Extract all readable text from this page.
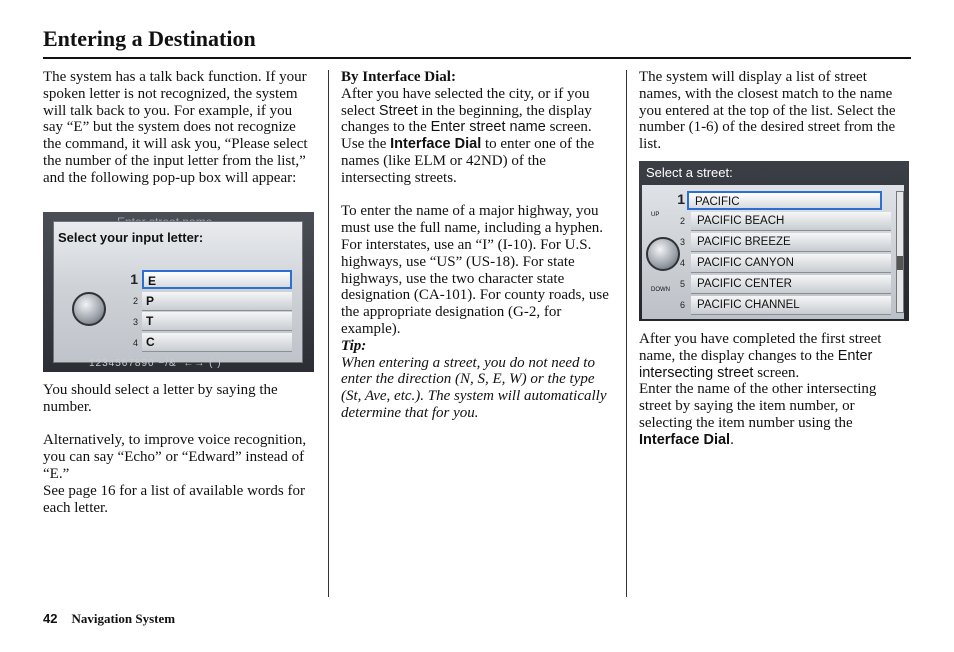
Entering a Destination

The system has a talk back function. If your spoken letter is not recognized, the system will talk back to you. For example, if you say “E” but the system does not recognize the command, it will ask you, “Please select the number of the input letter from the list,” and the following pop-up box will appear:

Select your input letter:
1 E
2 P
3 T
4 C
1234567890 −/&' ←→ ( )

You should select a letter by saying the number.

Alternatively, to improve voice recognition, you can say “Echo” or “Edward” instead of “E.”

See page 16 for a list of available words for each letter.

By Interface Dial:

After you have selected the city, or if you select Street in the beginning, the display changes to the Enter street name screen. Use the Interface Dial to enter one of the names (like ELM or 42ND) of the intersecting streets.

To enter the name of a major highway, you must use the full name, including a hyphen. For interstates, use an “I” (I-10). For U.S. highways, use “US” (US-18). For state highways, use the two character state designation (CA-101). For county roads, use the appropriate designation (G-2, for example).

Tip:

When entering a street, you do not need to enter the direction (N, S, E, W) or the type (St, Ave, etc.). The system will automatically determine that for you.

The system will display a list of street names, with the closest match to the name you entered at the top of the list. Select the number (1-6) of the desired street from the list.

Select a street:
UP
DOWN
1 PACIFIC
2	PACIFIC BEACH
3	PACIFIC BREEZE
4	PACIFIC CANYON
5	PACIFIC CENTER
6	PACIFIC CHANNEL

After you have completed the first street name, the display changes to the Enter intersecting street screen.

Enter the name of the other intersecting street by saying the item number, or selecting the item number using the Interface Dial.

42 Navigation System
